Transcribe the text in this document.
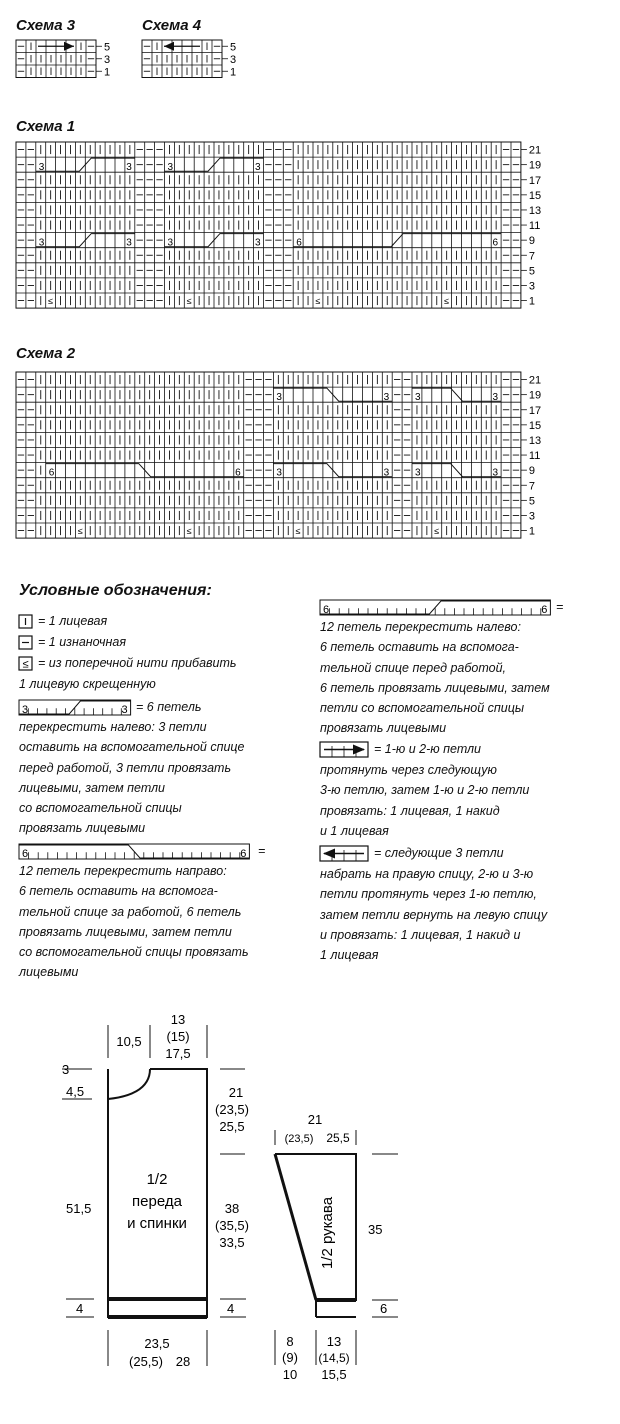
Схема 3	Схема 4
Схема 1
Схема 2
Условные обозначения:
≤
3	3
6	6
6	6
10,5
13
(15)
17,5
3
4,5	21
(23,5)
25,5
51,5	38
(35,5)
33,5
1/2
переда
и спинки
4	4
23,5
(25,5) 28
21
(23,5) 25,5
35
6
1/2 рукава
8
(9)
10
13
(14,5)
15,5
5
3
1
5
3
1
≤	≤	≤	≤
21
19
17
15
13
11
9
7
5
3
1
3	3	3	3
3	3	3	3	6	6
≤	≤	≤	≤
21
19
17
15
13
11
9
7
5
3
1
3	3	3	3
6	6	3	3	3	3
= 1 лицевая
= 1 изнаночная
= из поперечной нити прибавить
1 лицевую скрещенную
= 6 петель
перекрестить налево: 3 петли
оставить на вспомогательной спице
перед работой, 3 петли провязать
лицевыми, затем петли
со вспомогательной спицы
провязать лицевыми
=
12 петель перекрестить направо:
6 петель оставить на вспомога-
тельной спице за работой, 6 петель
провязать лицевыми, затем петли
со вспомогательной спицы провязать
лицевыми
=
12 петель перекрестить налево:
6 петель оставить на вспомога-
тельной спице перед работой,
6 петель провязать лицевыми, затем
петли со вспомогательной спицы
провязать лицевыми
= 1-ю и 2-ю петли
протянуть через следующую
3-ю петлю, затем 1-ю и 2-ю петли
провязать: 1 лицевая, 1 накид
и 1 лицевая
= следующие 3 петли
набрать на правую спицу, 2-ю и 3-ю
петли протянуть через 1-ю петлю,
затем петли вернуть на левую спицу
и провязать: 1 лицевая, 1 накид и
1 лицевая
